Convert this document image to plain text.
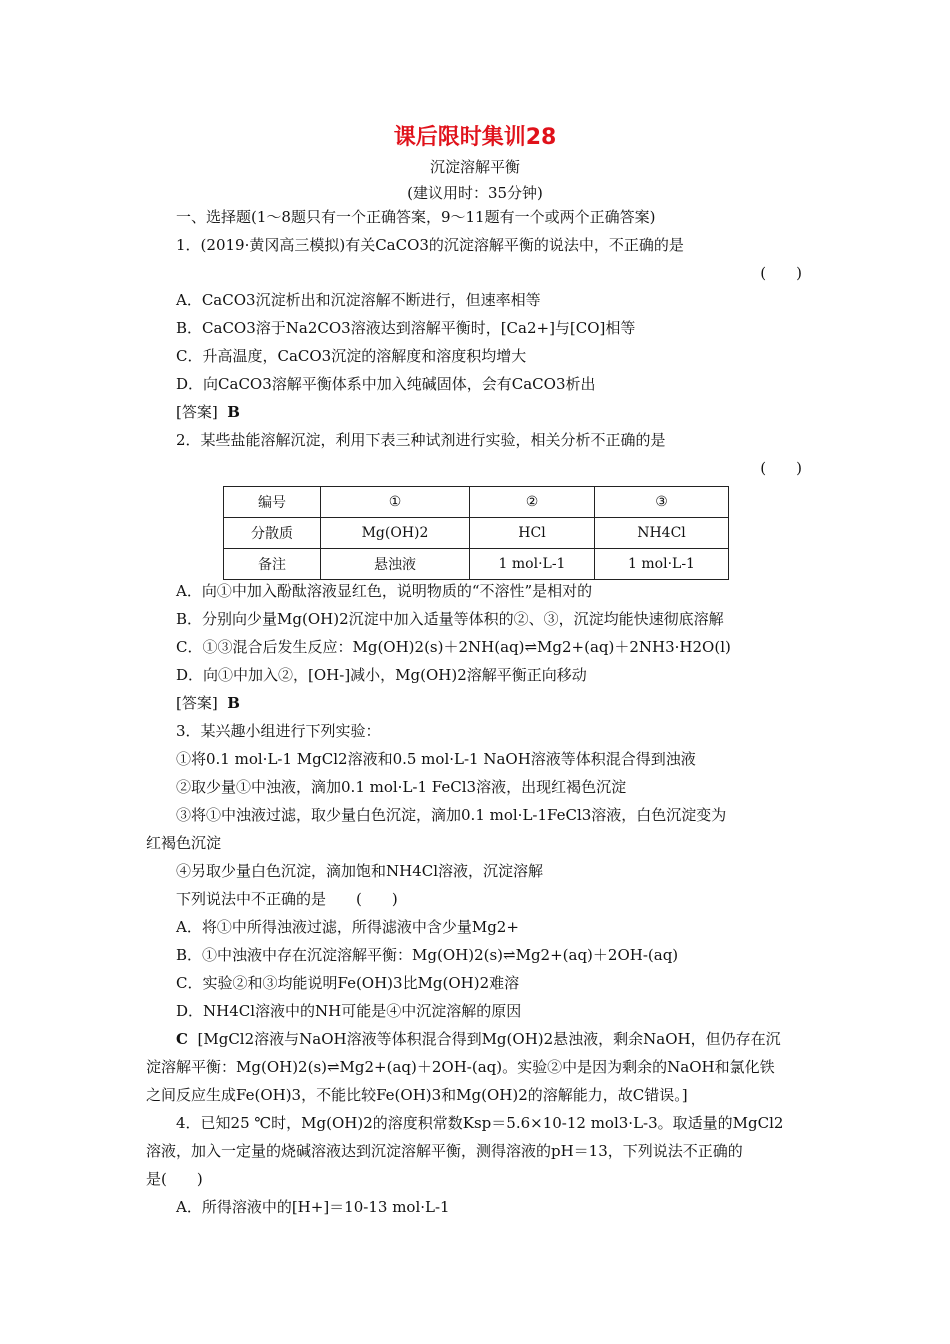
课后限时集训28
沉淀溶解平衡
(建议用时：35分钟)
一、选择题(1～8题只有一个正确答案，9～11题有一个或两个正确答案)
1．(2019·黄冈高三模拟)有关CaCO3的沉淀溶解平衡的说法中，不正确的是
(　　)
A．CaCO3沉淀析出和沉淀溶解不断进行，但速率相等
B．CaCO3溶于Na2CO3溶液达到溶解平衡时，[Ca2+]与[CO]相等
C．升高温度，CaCO3沉淀的溶解度和溶度积均增大
D．向CaCO3溶解平衡体系中加入纯碱固体，会有CaCO3析出
[答案] B
2．某些盐能溶解沉淀，利用下表三种试剂进行实验，相关分析不正确的是
(　　)
编号	①	②	③
分散质	Mg(OH)2	HCl	NH4Cl
备注	悬浊液	1 mol·L-1	1 mol·L-1
A．向①中加入酚酞溶液显红色，说明物质的“不溶性”是相对的
B．分别向少量Mg(OH)2沉淀中加入适量等体积的②、③，沉淀均能快速彻底溶解
C．①③混合后发生反应：Mg(OH)2(s)＋2NH(aq)⇌Mg2+(aq)＋2NH3·H2O(l)
D．向①中加入②，[OH-]减小，Mg(OH)2溶解平衡正向移动
[答案] B
3．某兴趣小组进行下列实验：
①将0.1 mol·L-1 MgCl2溶液和0.5 mol·L-1 NaOH溶液等体积混合得到浊液
②取少量①中浊液，滴加0.1 mol·L-1 FeCl3溶液，出现红褐色沉淀
③将①中浊液过滤，取少量白色沉淀，滴加0.1 mol·L-1FeCl3溶液，白色沉淀变为
红褐色沉淀
④另取少量白色沉淀，滴加饱和NH4Cl溶液，沉淀溶解
下列说法中不正确的是　　(　　)
A．将①中所得浊液过滤，所得滤液中含少量Mg2+
B．①中浊液中存在沉淀溶解平衡：Mg(OH)2(s)⇌Mg2+(aq)＋2OH-(aq)
C．实验②和③均能说明Fe(OH)3比Mg(OH)2难溶
D．NH4Cl溶液中的NH可能是④中沉淀溶解的原因
C [MgCl2溶液与NaOH溶液等体积混合得到Mg(OH)2悬浊液，剩余NaOH，但仍存在沉
淀溶解平衡：Mg(OH)2(s)⇌Mg2+(aq)＋2OH-(aq)。实验②中是因为剩余的NaOH和氯化铁
之间反应生成Fe(OH)3，不能比较Fe(OH)3和Mg(OH)2的溶解能力，故C错误。]
4．已知25 ℃时，Mg(OH)2的溶度积常数Ksp＝5.6×10-12 mol3·L-3。取适量的MgCl2
溶液，加入一定量的烧碱溶液达到沉淀溶解平衡，测得溶液的pH＝13，下列说法不正确的
是(　　)
A．所得溶液中的[H+]＝10-13 mol·L-1
